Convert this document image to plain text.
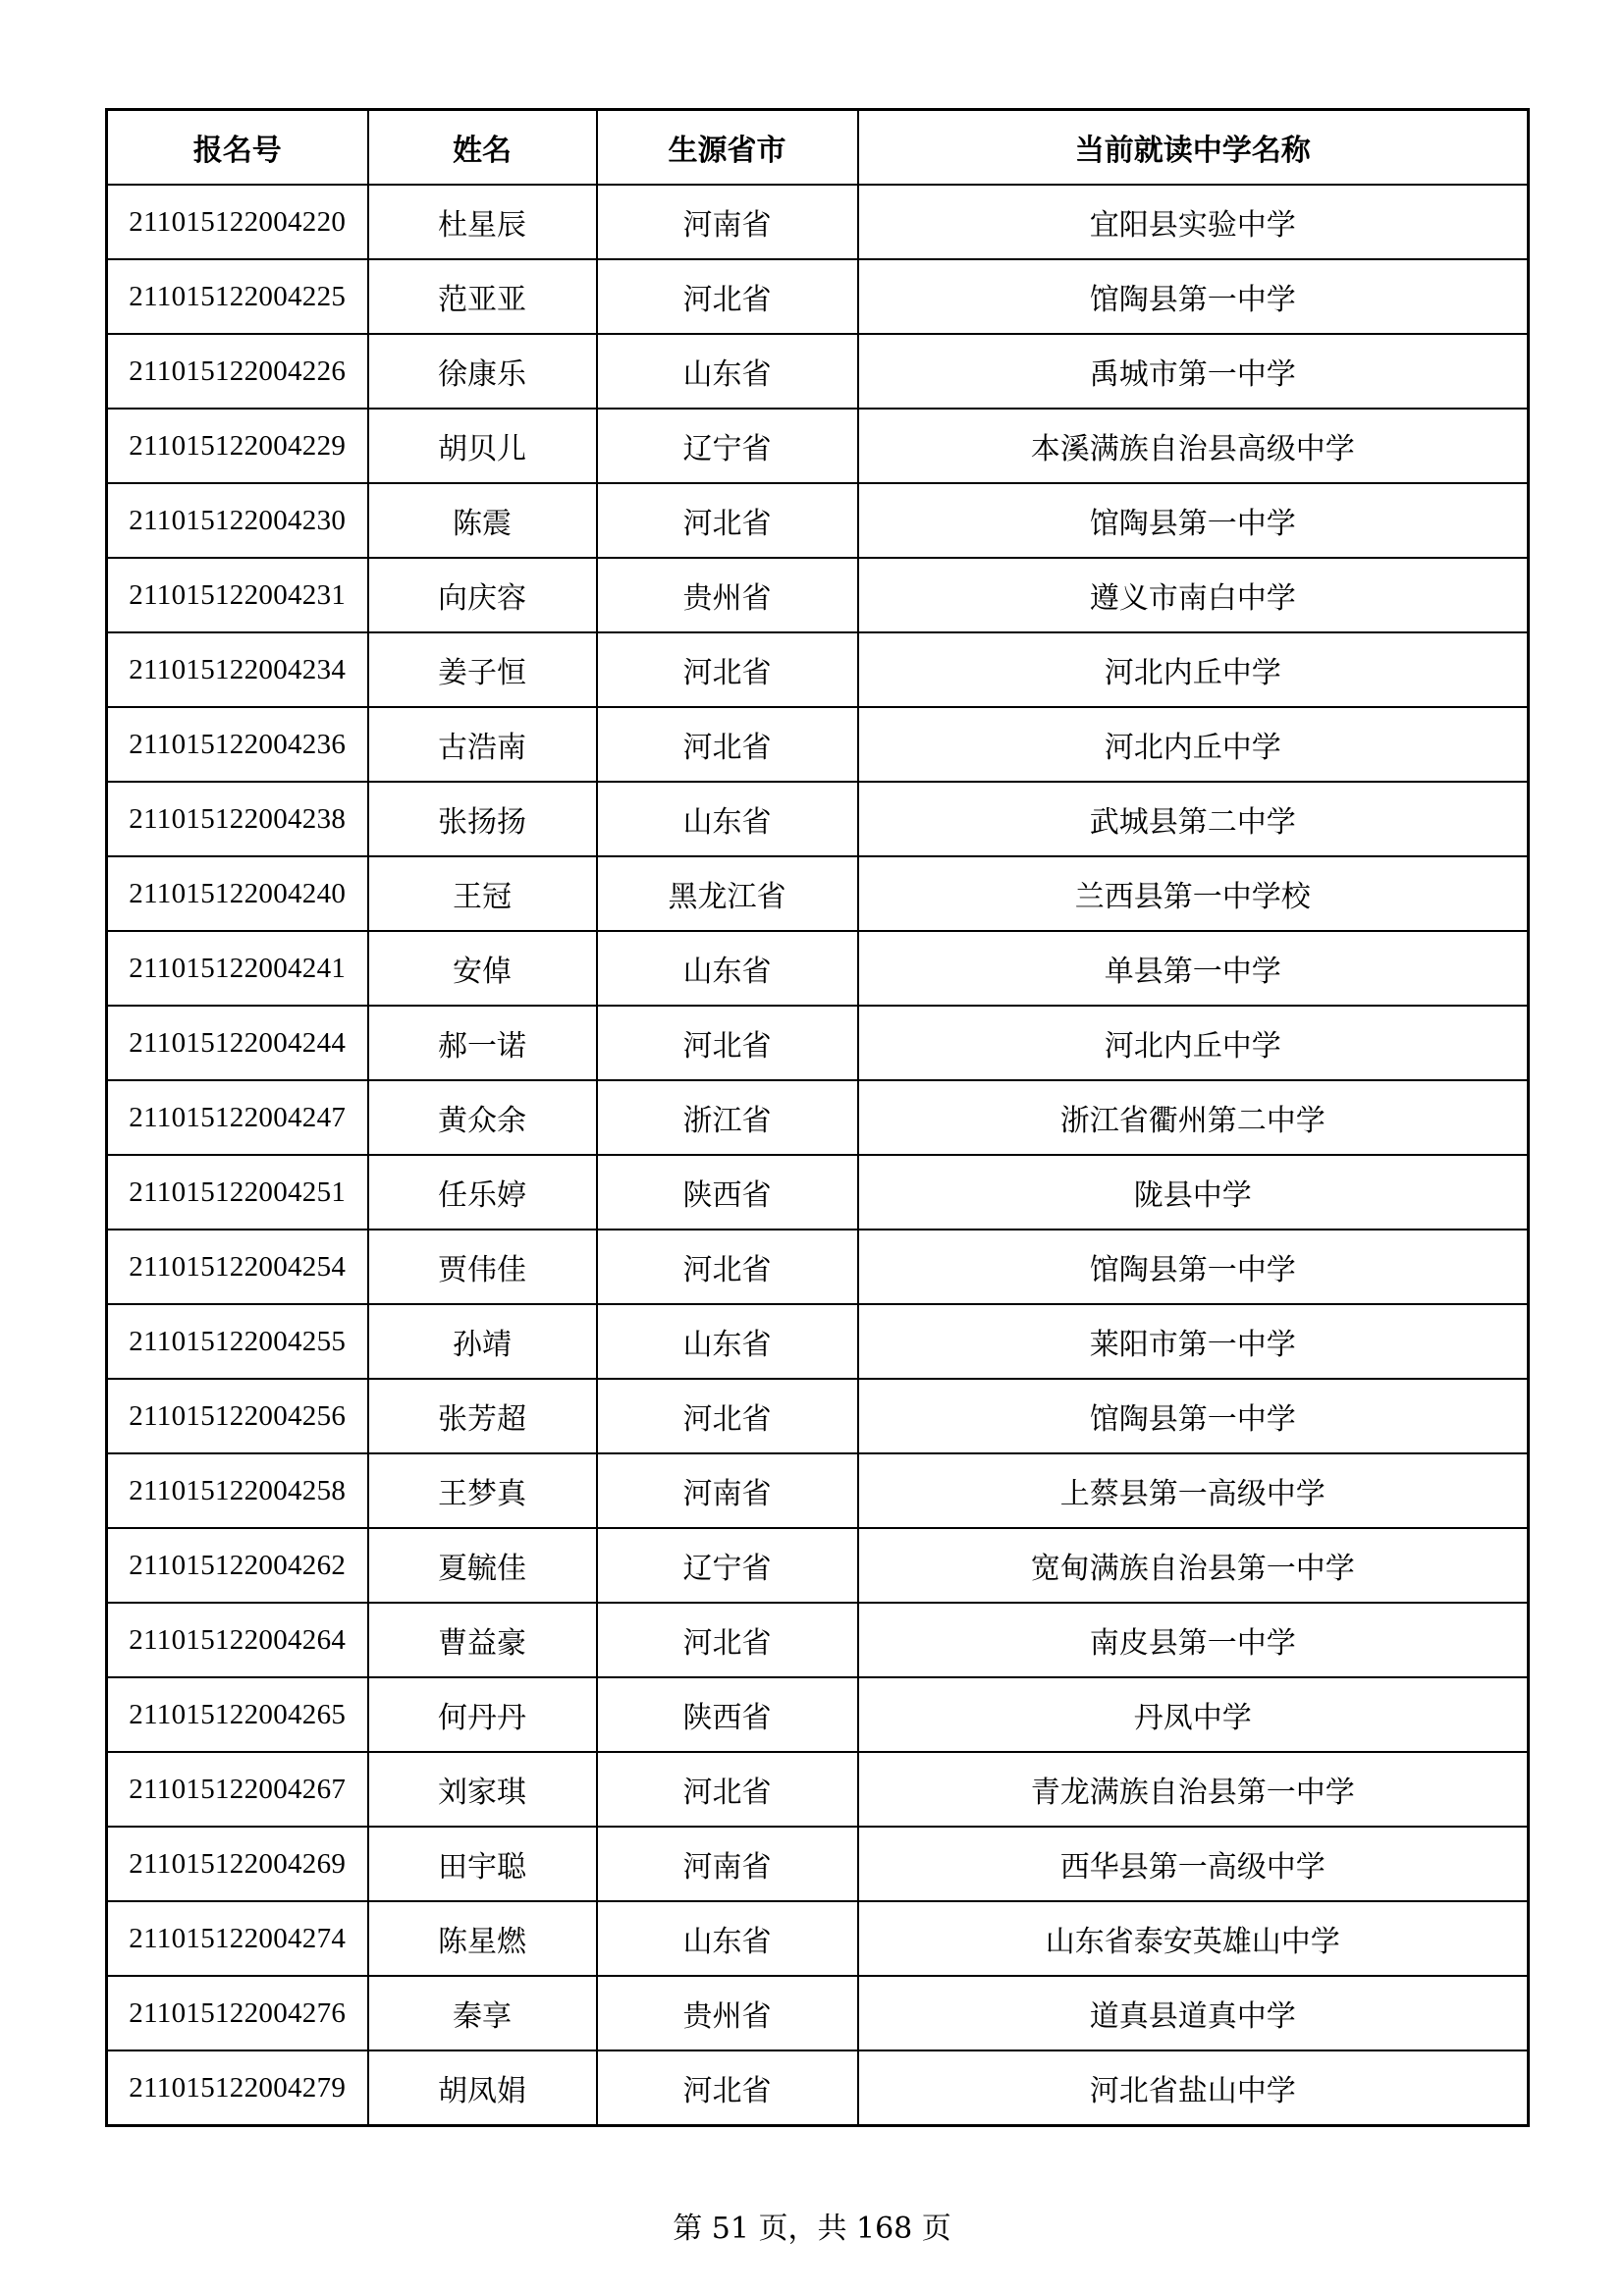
报名号	姓名	生源省市	当前就读中学名称
211015122004220	杜星辰	河南省	宜阳县实验中学
211015122004225	范亚亚	河北省	馆陶县第一中学
211015122004226	徐康乐	山东省	禹城市第一中学
211015122004229	胡贝儿	辽宁省	本溪满族自治县高级中学
211015122004230	陈震	河北省	馆陶县第一中学
211015122004231	向庆容	贵州省	遵义市南白中学
211015122004234	姜子恒	河北省	河北内丘中学
211015122004236	古浩南	河北省	河北内丘中学
211015122004238	张扬扬	山东省	武城县第二中学
211015122004240	王冠	黑龙江省	兰西县第一中学校
211015122004241	安倬	山东省	单县第一中学
211015122004244	郝一诺	河北省	河北内丘中学
211015122004247	黄众余	浙江省	浙江省衢州第二中学
211015122004251	任乐婷	陕西省	陇县中学
211015122004254	贾伟佳	河北省	馆陶县第一中学
211015122004255	孙靖	山东省	莱阳市第一中学
211015122004256	张芳超	河北省	馆陶县第一中学
211015122004258	王梦真	河南省	上蔡县第一高级中学
211015122004262	夏毓佳	辽宁省	宽甸满族自治县第一中学
211015122004264	曹益豪	河北省	南皮县第一中学
211015122004265	何丹丹	陕西省	丹凤中学
211015122004267	刘家琪	河北省	青龙满族自治县第一中学
211015122004269	田宇聪	河南省	西华县第一高级中学
211015122004274	陈星燃	山东省	山东省泰安英雄山中学
211015122004276	秦享	贵州省	道真县道真中学
211015122004279	胡凤娟	河北省	河北省盐山中学
第 51 页，共 168 页
